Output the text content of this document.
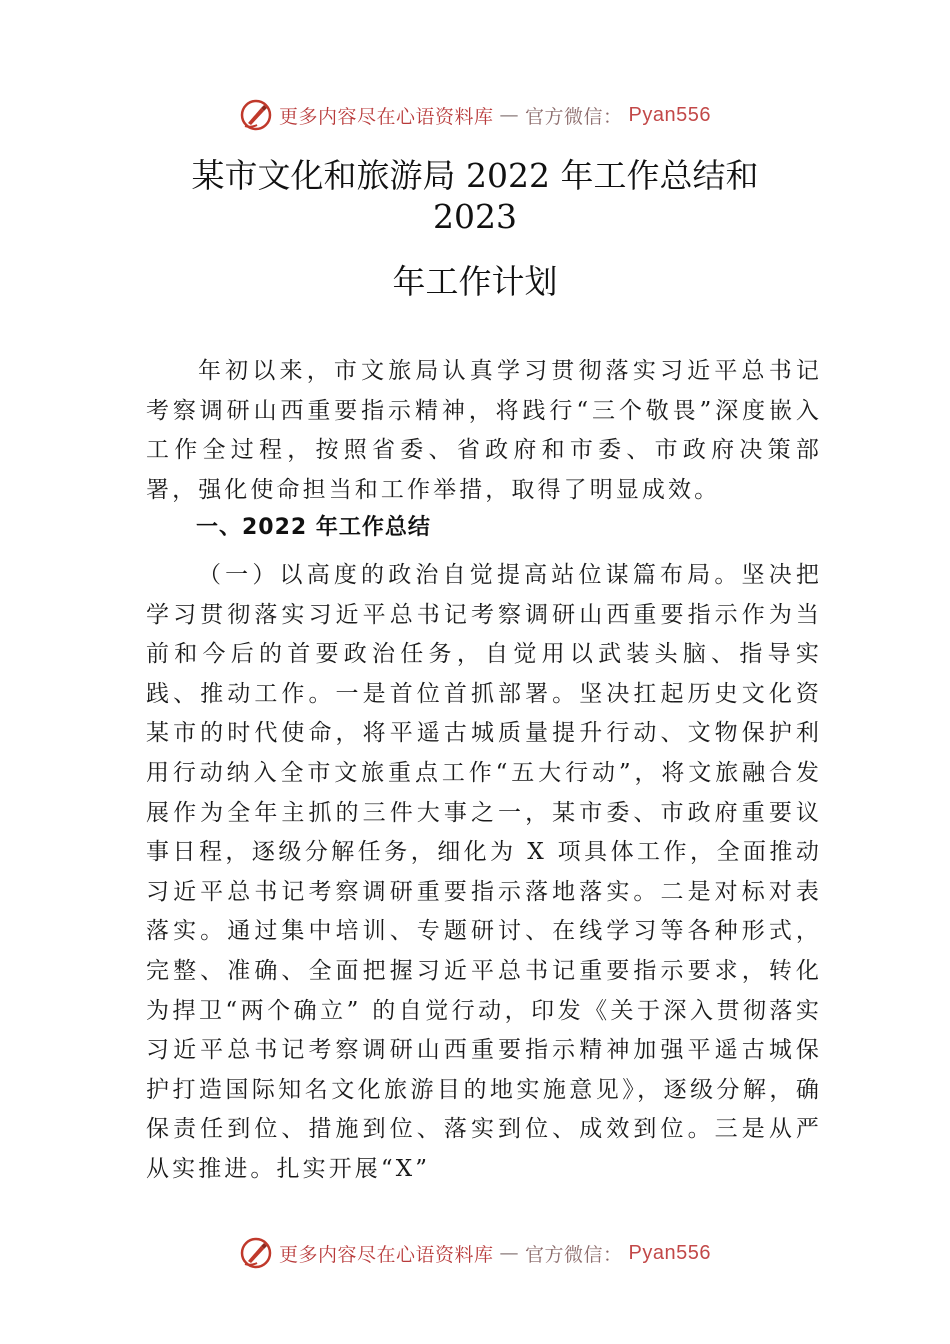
更多内容尽在心语资料库 — 官方微信： Pyan556
某市文化和旅游局 2022 年工作总结和
2023
年工作计划
年初以来，市文旅局认真学习贯彻落实习近平总书记考察调研山西重要指示精神，将践行“三个敬畏”深度嵌入工作全过程，按照省委、省政府和市委、市政府决策部署，强化使命担当和工作举措，取得了明显成效。
一、2022 年工作总结
（一）以高度的政治自觉提高站位谋篇布局。坚决把学习贯彻落实习近平总书记考察调研山西重要指示作为当前和今后的首要政治任务，自觉用以武装头脑、指导实践、推动工作。一是首位首抓部署。坚决扛起历史文化资某市的时代使命，将平遥古城质量提升行动、文物保护利用行动纳入全市文旅重点工作“五大行动”，将文旅融合发展作为全年主抓的三件大事之一，某市委、市政府重要议事日程，逐级分解任务，细化为 X 项具体工作，全面推动习近平总书记考察调研重要指示落地落实。二是对标对表落实。通过集中培训、专题研讨、在线学习等各种形式，完整、准确、全面把握习近平总书记重要指示要求，转化为捍卫“两个确立” 的自觉行动，印发《关于深入贯彻落实习近平总书记考察调研山西重要指示精神加强平遥古城保护打造国际知名文化旅游目的地实施意见》，逐级分解，确保责任到位、措施到位、落实到位、成效到位。三是从严从实推进。扎实开展“X”
更多内容尽在心语资料库 — 官方微信： Pyan556
